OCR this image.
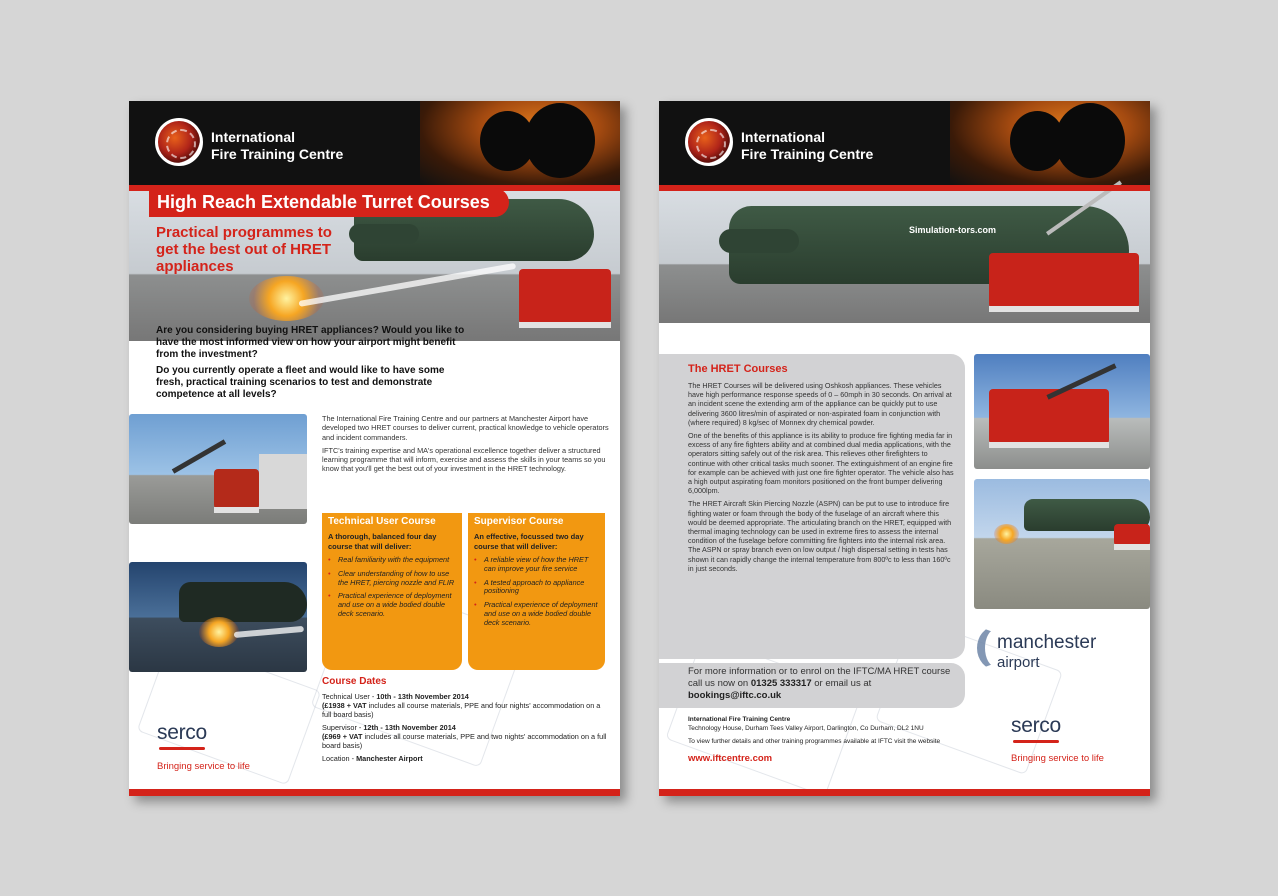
International
Fire Training Centre
High Reach Extendable Turret Courses
Practical programmes to get the best out of HRET appliances

Are you considering buying HRET appliances? Would you like to have the most informed view on how your airport might benefit from the investment?

Do you currently operate a fleet and would like to have some fresh, practical training scenarios to test and demonstrate competence at all levels?

The International Fire Training Centre and our partners at Manchester Airport have developed two HRET courses to deliver current, practical knowledge to vehicle operators and incident commanders.

IFTC's training expertise and MA's operational excellence together deliver a structured learning programme that will inform, exercise and assess the skills in your teams so you know that you'll get the best out of your investment in the HRET technology.

Technical User Course
A thorough, balanced four day course that will deliver:
• Real familiarity with the equipment
• Clear understanding of how to use the HRET, piercing nozzle and FLIR
• Practical experience of deployment and use on a wide bodied double deck scenario.
Supervisor Course
An effective, focussed two day course that will deliver:
• A reliable view of how the HRET can improve your fire service
• A tested approach to appliance positioning
• Practical experience of deployment and use on a wide bodied double deck scenario.
Course Dates

Technical User - 10th - 13th November 2014
(£1938 + VAT includes all course materials, PPE and four nights' accommodation on a full board basis)

Supervisor - 12th - 13th November 2014
(£969 + VAT includes all course materials, PPE and two nights' accommodation on a full board basis)

Location - Manchester Airport

serco
Bringing service to life
International
Fire Training Centre
Simulation-tors.com
The HRET Courses

The HRET Courses will be delivered using Oshkosh appliances. These vehicles have high performance response speeds of 0 – 60mph in 30 seconds. On arrival at an incident scene the extending arm of the appliance can be quickly put to use delivering 3600 litres/min of aspirated or non-aspirated foam in conjunction with (where required) 8 kg/sec of Monnex dry chemical powder.

One of the benefits of this appliance is its ability to produce fire fighting media far in excess of any fire fighters ability and at combined dual media applications, with the operators sitting safely out of the risk area. This relieves other firefighters to continue with other critical tasks much sooner. The extinguishment of an engine fire for example can be achieved with just one fire fighter operator. The vehicle also has a high output aspirating foam monitors positioned on the front bumper delivering 6,000lpm.

The HRET Aircraft Skin Piercing Nozzle (ASPN) can be put to use to introduce fire fighting water or foam through the body of the fuselage of an aircraft where this would be deemed appropriate. The articulating branch on the HRET, equipped with thermal imaging technology can be used in extreme fires to assess the internal condition of the fuselage before committing fire fighters into the internal risk area. The ASPN or spray branch even on low output / high dispersal setting in tests has shown it can rapidly change the internal temperature from 800ºc to less than 160ºc in just seconds.

For more information or to enrol on the IFTC/MA HRET course call us now on 01325 333317 or email us at
bookings@iftc.co.uk
International Fire Training Centre
Technology House, Durham Tees Valley Airport, Darlington, Co Durham, DL2 1NU
To view further details and other training programmes available at IFTC visit the website
www.iftcentre.com
manchester
airport
serco
Bringing service to life
